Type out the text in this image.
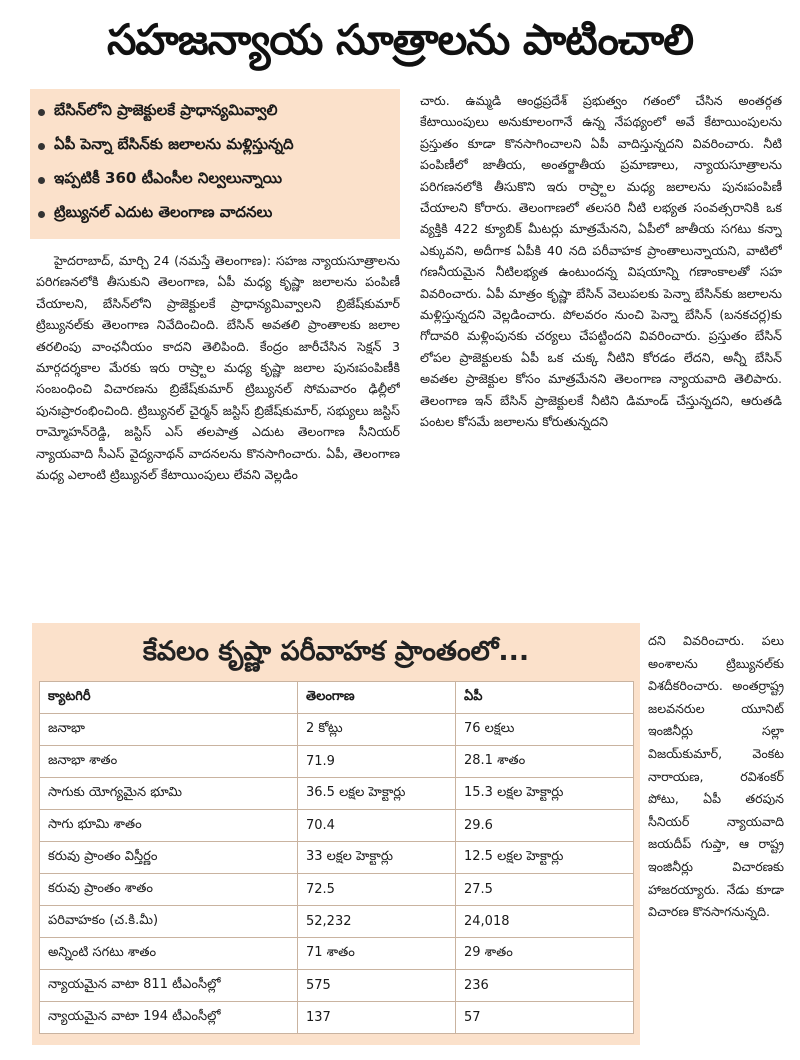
సహజన్యాయ సూత్రాలను పాటించాలి
బేసిన్‌లోని ప్రాజెక్టులకే ప్రాధాన్యమివ్వాలి
ఏపీ పెన్నా బేసిన్‌కు జలాలను మళ్లిస్తున్నది
ఇప్పటికీ 360 టీఎంసీల నిల్వలున్నాయి
ట్రిబ్యునల్ ఎదుట తెలంగాణ వాదనలు

హైదరాబాద్, మార్చి 24 (నమస్తే తెలంగాణ): సహజ న్యాయసూత్రాలను పరిగణనలోకి తీసుకుని తెలంగాణ, ఏపీ మధ్య కృష్ణా జలాలను పంపిణీ చేయాలని, బేసిన్‌లోని ప్రాజెక్టులకే ప్రాధాన్యమివ్వాలని బ్రిజేష్‌కుమార్ ట్రిబ్యునల్‌కు తెలంగాణ నివేదించింది. బేసిన్ అవతలి ప్రాంతాలకు జలాల తరలింపు వాంఛనీయం కాదని తెలిపింది. కేంద్రం జారీచేసిన సెక్షన్ 3 మార్గదర్శకాల మేరకు ఇరు రాష్ర్టాల మధ్య కృష్ణా జలాల పునఃపంపిణీకి సంబంధించి విచారణను బ్రిజేష్‌కుమార్ ట్రిబ్యునల్ సోమవారం ఢిల్లీలో పునఃప్రారంభించింది. ట్రిబ్యునల్ చైర్మన్ జస్టిస్ బ్రిజేష్‌కుమార్, సభ్యులు జస్టిస్ రామ్మోహన్‌రెడ్డి, జస్టిస్ ఎస్ తలపాత్ర ఎదుట తెలంగాణ సీనియర్ న్యాయవాది సీఎస్ వైద్యనాథన్ వాదనలను కొనసాగించారు. ఏపీ, తెలంగాణ మధ్య ఎలాంటి ట్రిబ్యునల్ కేటాయింపులు లేవని వెల్లడిం

చారు. ఉమ్మడి ఆంధ్రప్రదేశ్ ప్రభుత్వం గతంలో చేసిన అంతర్గత కేటాయింపులు అనుకూలంగానే ఉన్న నేపథ్యంలో అవే కేటాయింపులను ప్రస్తుతం కూడా కొనసాగించాలని ఏపీ వాదిస్తున్నదని వివరించారు. నీటి పంపిణీలో జాతీయ, అంతర్జాతీయ ప్రమాణాలు, న్యాయసూత్రాలను పరిగణనలోకి తీసుకొని ఇరు రాష్ర్టాల మధ్య జలాలను పునఃపంపిణీ చేయాలని కోరారు. తెలంగాణలో తలసరి నీటి లభ్యత సంవత్సరానికి ఒక వ్యక్తికి 422 క్యూబిక్ మీటర్లు మాత్రమేనని, ఏపీలో జాతీయ సగటు కన్నా ఎక్కువని, అదీగాక ఏపీకి 40 నది పరీవాహక ప్రాంతాలున్నాయని, వాటిలో గణనీయమైన నీటిలభ్యత ఉంటుందన్న విషయాన్ని గణాంకాలతో సహ వివరించారు. ఏపీ మాత్రం కృష్ణా బేసిన్ వెలుపలకు పెన్నా బేసిన్‌కు జలాలను మళ్లిస్తున్నదని వెల్లడించారు. పోలవరం నుంచి పెన్నా బేసిన్ (బనకచర్ల)కు గోదావరి మళ్లింపునకు చర్యలు చేపట్టిందని వివరించారు. ప్రస్తుతం బేసిన్ లోపల ప్రాజెక్టులకు ఏపీ ఒక చుక్క నీటిని కోరడం లేదని, అన్నీ బేసిన్ అవతల ప్రాజెక్టుల కోసం మాత్రమేనని తెలంగాణ న్యాయవాది తెలిపారు. తెలంగాణ ఇన్ బేసిన్ ప్రాజెక్టులకే నీటిని డిమాండ్ చేస్తున్నదని, ఆరుతడి పంటల కోసమే జలాలను కోరుతున్నదని

దని వివరించారు. పలు అంశాలను ట్రిబ్యునల్‌కు విశదీకరించారు. అంతర్రాష్ట్ర జలవనరుల యూనిట్ ఇంజినీర్లు సల్లా విజయ్‌కుమార్, వెంకట నారాయణ, రవిశంకర్ పోటు, ఏపీ తరపున సీనియర్ న్యాయవాది జయదీప్ గుప్తా, ఆ రాష్ట్ర ఇంజినీర్లు విచారణకు హాజరయ్యారు. నేడు కూడా విచారణ కొనసాగనున్నది.

కేవలం కృష్ణా పరీవాహక ప్రాంతంలో...
క్యాటగిరీ	తెలంగాణ	ఏపీ
జనాభా	2 కోట్లు	76 లక్షలు
జనాభా శాతం	71.9	28.1 శాతం
సాగుకు యోగ్యమైన భూమి	36.5 లక్షల హెక్టార్లు	15.3 లక్షల హెక్టార్లు
సాగు భూమి శాతం	70.4	29.6
కరువు ప్రాంతం విస్తీర్ణం	33 లక్షల హెక్టార్లు	12.5 లక్షల హెక్టార్లు
కరువు ప్రాంతం శాతం	72.5	27.5
పరివాహకం (చ.కి.మీ)	52,232	24,018
అన్నింటి సగటు శాతం	71 శాతం	29 శాతం
న్యాయమైన వాటా 811 టీఎంసీల్లో	575	236
న్యాయమైన వాటా 194 టీఎంసీల్లో	137	57
